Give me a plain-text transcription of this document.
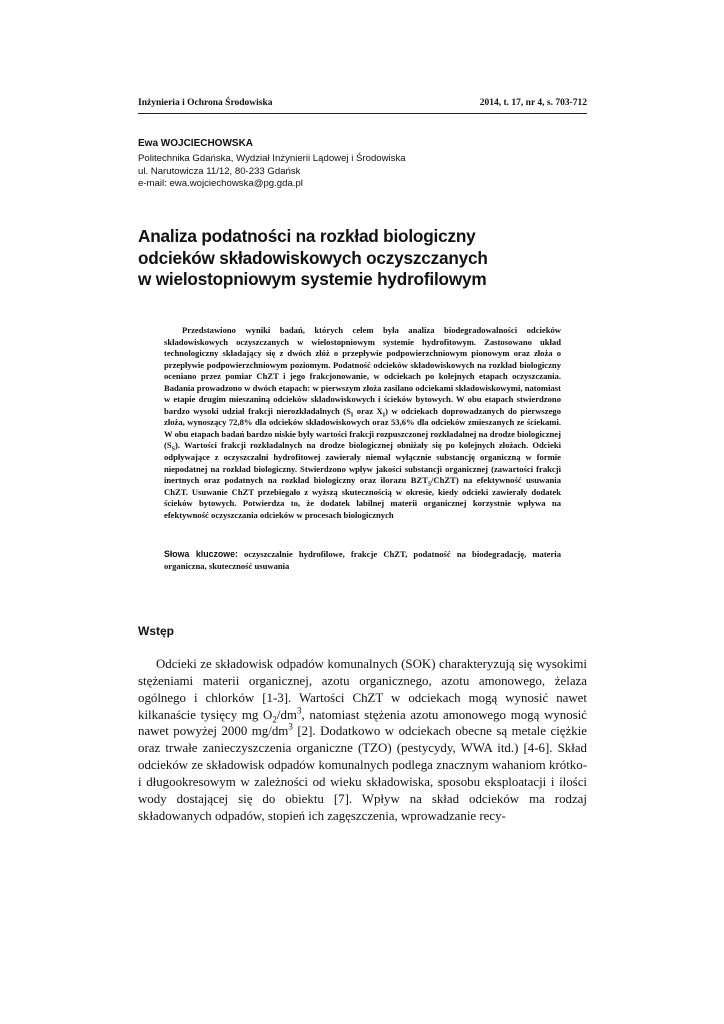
Inżynieria i Ochrona Środowiska	2014, t. 17, nr 4, s. 703-712
Ewa WOJCIECHOWSKA
Politechnika Gdańska, Wydział Inżynierii Lądowej i Środowiska
ul. Narutowicza 11/12, 80-233 Gdańsk
e-mail: ewa.wojciechowska@pg.gda.pl
Analiza podatności na rozkład biologiczny
odcieków składowiskowych oczyszczanych
w wielostopniowym systemie hydrofilowym

Przedstawiono wyniki badań, których celem była analiza biodegradowalności odcieków składowiskowych oczyszczanych w wielostopniowym systemie hydrofitowym. Zastosowano układ technologiczny składający się z dwóch złóż o przepływie podpowierzchniowym pionowym oraz złoża o przepływie podpowierzchniowym poziomym. Podatność odcieków składowiskowych na rozkład biologiczny oceniano przez pomiar ChZT i jego frakcjonowanie, w odciekach po kolejnych etapach oczyszczania. Badania prowadzono w dwóch etapach: w pierwszym złoża zasilano odciekami składowiskowymi, natomiast w etapie drugim mieszaniną odcieków składowiskowych i ścieków bytowych. W obu etapach stwierdzono bardzo wysoki udział frakcji nierozkładalnych ($S_I$ oraz $X_I$) w odciekach doprowadzanych do pierwszego złoża, wynoszący 72,8% dla odcieków składowiskowych oraz 53,6% dla odcieków zmieszanych ze ściekami. W obu etapach badań bardzo niskie były wartości frakcji rozpuszczonej rozkładalnej na drodze biologicznej $(S_S)$. Wartości frakcji rozkładalnych na drodze biologicznej obniżały się po kolejnych złożach. Odcieki odpływające z oczyszczalni hydrofitowej zawierały niemal wyłącznie substancję organiczną w formie niepodatnej na rozkład biologiczny. Stwierdzono wpływ jakości substancji organicznej (zawartości frakcji inertnych oraz podatnych na rozkład biologiczny oraz ilorazu $BZT_5/ChZT$) na efektywność usuwania ChZT. Usuwanie ChZT przebiegało z wyższą skutecznością w okresie, kiedy odcieki zawierały dodatek ścieków bytowych. Potwierdza to, że dodatek labilnej materii organicznej korzystnie wpływa na efektywność oczyszczania odcieków w procesach biologicznych

Słowa kluczowe: oczyszczalnie hydrofilowe, frakcje ChZT, podatność na biodegradację, materia organiczna, skuteczność usuwania
Wstęp

Odcieki ze składowisk odpadów komunalnych (SOK) charakteryzują się wysokimi stężeniami materii organicznej, azotu organicznego, azotu amonowego, żelaza ogólnego i chlorków [1-3]. Wartości ChZT w odciekach mogą wynosić nawet kilkanaście tysięcy mg $O_2/dm^3$, natomiast stężenia azotu amonowego mogą wynosić nawet powyżej 2000 $mg/dm^3$ [2]. Dodatkowo w odciekach obecne są metale ciężkie oraz trwałe zanieczyszczenia organiczne (TZO) (pestycydy, WWA itd.) [4-6]. Skład odcieków ze składowisk odpadów komunalnych podlega znacznym wahaniom krótko- i długookresowym w zależności od wieku składowiska, sposobu eksploatacji i ilości wody dostającej się do obiektu [7]. Wpływ na skład odcieków ma rodzaj składowanych odpadów, stopień ich zagęszczenia, wprowadzanie recy-
